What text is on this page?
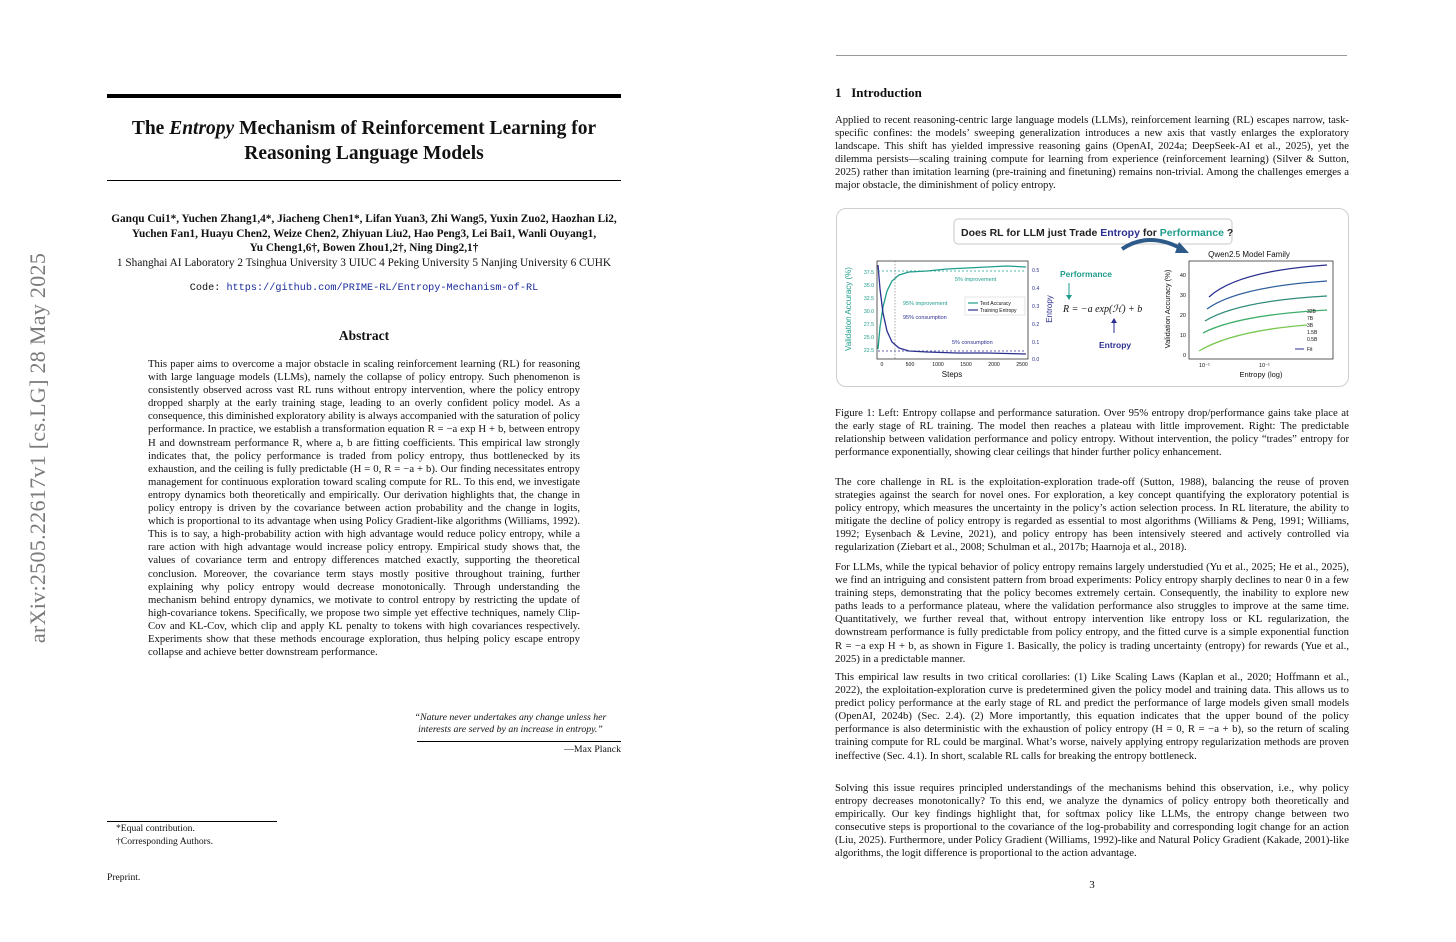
arXiv:2505.22617v1 [cs.LG] 28 May 2025
The Entropy Mechanism of Reinforcement Learning for Reasoning Language Models
Ganqu Cui1*, Yuchen Zhang1,4*, Jiacheng Chen1*, Lifan Yuan3, Zhi Wang5, Yuxin Zuo2, Haozhan Li2,
Yuchen Fan1, Huayu Chen2, Weize Chen2, Zhiyuan Liu2, Hao Peng3, Lei Bai1, Wanli Ouyang1,
Yu Cheng1,6†, Bowen Zhou1,2†, Ning Ding2,1†
1 Shanghai AI Laboratory 2 Tsinghua University 3 UIUC 4 Peking University 5 Nanjing University 6 CUHK
Code: https://github.com/PRIME-RL/Entropy-Mechanism-of-RL
Abstract
This paper aims to overcome a major obstacle in scaling reinforcement learning (RL) for reasoning with large language models (LLMs), namely the collapse of policy entropy. Such phenomenon is consistently observed across vast RL runs without entropy intervention, where the policy entropy dropped sharply at the early training stage, leading to an overly confident policy model. As a consequence, this diminished exploratory ability is always accompanied with the saturation of policy performance. In practice, we establish a transformation equation R = −a exp H + b, between entropy H and downstream performance R, where a, b are fitting coefficients. This empirical law strongly indicates that, the policy performance is traded from policy entropy, thus bottlenecked by its exhaustion, and the ceiling is fully predictable (H = 0, R = −a + b). Our finding necessitates entropy management for continuous exploration toward scaling compute for RL. To this end, we investigate entropy dynamics both theoretically and empirically. Our derivation highlights that, the change in policy entropy is driven by the covariance between action probability and the change in logits, which is proportional to its advantage when using Policy Gradient-like algorithms (Williams, 1992). This is to say, a high-probability action with high advantage would reduce policy entropy, while a rare action with high advantage would increase policy entropy. Empirical study shows that, the values of covariance term and entropy differences matched exactly, supporting the theoretical conclusion. Moreover, the covariance term stays mostly positive throughout training, further explaining why policy entropy would decrease monotonically. Through understanding the mechanism behind entropy dynamics, we motivate to control entropy by restricting the update of high-covariance tokens. Specifically, we propose two simple yet effective techniques, namely Clip-Cov and KL-Cov, which clip and apply KL penalty to tokens with high covariances respectively. Experiments show that these methods encourage exploration, thus helping policy escape entropy collapse and achieve better downstream performance.
“Nature never undertakes any change unless her interests are served by an increase in entropy.”
—Max Planck
*Equal contribution.
†Corresponding Authors.
Preprint.
1 Introduction
Applied to recent reasoning-centric large language models (LLMs), reinforcement learning (RL) escapes narrow, task-specific confines: the models’ sweeping generalization introduces a new axis that vastly enlarges the exploratory landscape. This shift has yielded impressive reasoning gains (OpenAI, 2024a; DeepSeek-AI et al., 2025), yet the dilemma persists—scaling training compute for learning from experience (reinforcement learning) (Silver & Sutton, 2025) rather than imitation learning (pre-training and finetuning) remains non-trivial. Among the challenges emerges a major obstacle, the diminishment of policy entropy.
Does RL for LLM just Trade Entropy for Performance ?
Validation Accuracy (%)	Entropy
Steps
37.5
35.0
32.5
30.0
27.5
25.0
22.5
0.5
0.4
0.3
0.2
0.1
0.0
0	500	1000	1500	2000	2500
5% improvement
95% improvement
95% consumption
5% consumption
Test Accuracy
Training Entropy
Performance
R = −a exp(ℋ) + b
Entropy
Qwen2.5 Model Family
Validation Accuracy (%)
Entropy (log)
40
30
20
10
0
10⁻¹	10⁻¹
32B
7B
3B
1.5B
0.5B
Fit
Figure 1: Left: Entropy collapse and performance saturation. Over 95% entropy drop/performance gains take place at the early stage of RL training. The model then reaches a plateau with little improvement. Right: The predictable relationship between validation performance and policy entropy. Without intervention, the policy “trades” entropy for performance exponentially, showing clear ceilings that hinder further policy enhancement.
The core challenge in RL is the exploitation-exploration trade-off (Sutton, 1988), balancing the reuse of proven strategies against the search for novel ones. For exploration, a key concept quantifying the exploratory potential is policy entropy, which measures the uncertainty in the policy’s action selection process. In RL literature, the ability to mitigate the decline of policy entropy is regarded as essential to most algorithms (Williams & Peng, 1991; Williams, 1992; Eysenbach & Levine, 2021), and policy entropy has been intensively steered and actively controlled via regularization (Ziebart et al., 2008; Schulman et al., 2017b; Haarnoja et al., 2018).
For LLMs, while the typical behavior of policy entropy remains largely understudied (Yu et al., 2025; He et al., 2025), we find an intriguing and consistent pattern from broad experiments: Policy entropy sharply declines to near 0 in a few training steps, demonstrating that the policy becomes extremely certain. Consequently, the inability to explore new paths leads to a performance plateau, where the validation performance also struggles to improve at the same time. Quantitatively, we further reveal that, without entropy intervention like entropy loss or KL regularization, the downstream performance is fully predictable from policy entropy, and the fitted curve is a simple exponential function R = −a exp H + b, as shown in Figure 1. Basically, the policy is trading uncertainty (entropy) for rewards (Yue et al., 2025) in a predictable manner.
This empirical law results in two critical corollaries: (1) Like Scaling Laws (Kaplan et al., 2020; Hoffmann et al., 2022), the exploitation-exploration curve is predetermined given the policy model and training data. This allows us to predict policy performance at the early stage of RL and predict the performance of large models given small models (OpenAI, 2024b) (Sec. 2.4). (2) More importantly, this equation indicates that the upper bound of the policy performance is also deterministic with the exhaustion of policy entropy (H = 0, R = −a + b), so the return of scaling training compute for RL could be marginal. What’s worse, naively applying entropy regularization methods are proven ineffective (Sec. 4.1). In short, scalable RL calls for breaking the entropy bottleneck.
Solving this issue requires principled understandings of the mechanisms behind this observation, i.e., why policy entropy decreases monotonically? To this end, we analyze the dynamics of policy entropy both theoretically and empirically. Our key findings highlight that, for softmax policy like LLMs, the entropy change between two consecutive steps is proportional to the covariance of the log-probability and corresponding logit change for an action (Liu, 2025). Furthermore, under Policy Gradient (Williams, 1992)-like and Natural Policy Gradient (Kakade, 2001)-like algorithms, the logit difference is proportional to the action advantage.
3
